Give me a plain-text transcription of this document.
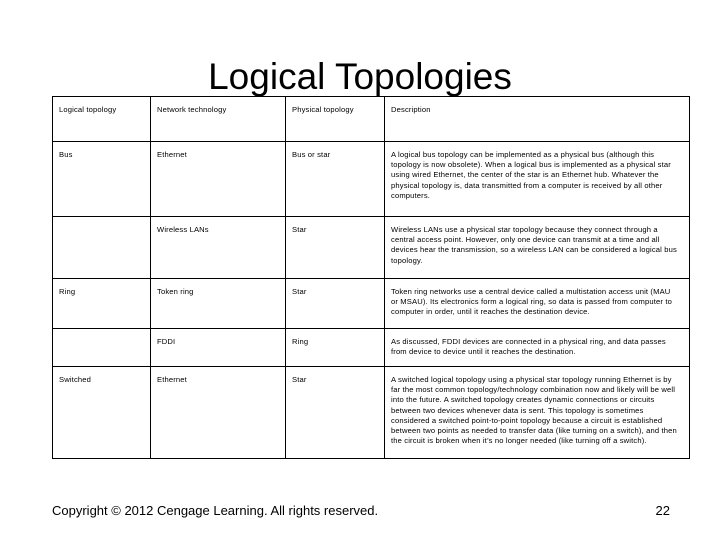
Logical Topologies
Logical topology	Network technology	Physical topology	Description
Bus	Ethernet	Bus or star	A logical bus topology can be implemented as a physical bus (although this topology is now obsolete). When a logical bus is implemented as a physical star using wired Ethernet, the center of the star is an Ethernet hub. Whatever the physical topology is, data transmitted from a computer is received by all other computers.
	Wireless LANs	Star	Wireless LANs use a physical star topology because they connect through a central access point. However, only one device can transmit at a time and all devices hear the transmission, so a wireless LAN can be considered a logical bus topology.
Ring	Token ring	Star	Token ring networks use a central device called a multistation access unit (MAU or MSAU). Its electronics form a logical ring, so data is passed from computer to computer in order, until it reaches the destination device.
	FDDI	Ring	As discussed, FDDI devices are connected in a physical ring, and data passes from device to device until it reaches the destination.
Switched	Ethernet	Star	A switched logical topology using a physical star topology running Ethernet is by far the most common topology/technology combination now and likely will be well into the future. A switched topology creates dynamic connections or circuits between two devices whenever data is sent. This topology is sometimes considered a switched point-to-point topology because a circuit is established between two points as needed to transfer data (like turning on a switch), and then the circuit is broken when it’s no longer needed (like turning off a switch).
Copyright © 2012 Cengage Learning. All rights reserved.	22
